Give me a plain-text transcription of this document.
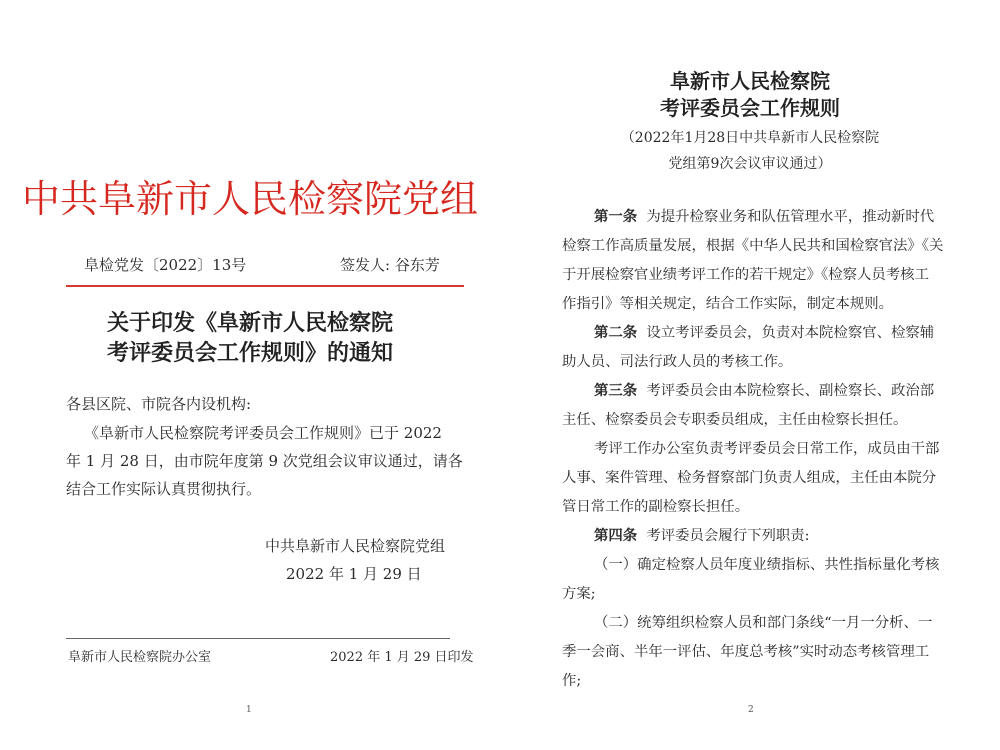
中共阜新市人民检察院党组
阜检党发〔2022〕13号	签发人: 谷东芳
关于印发《阜新市人民检察院
考评委员会工作规则》的通知
各县区院、市院各内设机构:
《阜新市人民检察院考评委员会工作规则》已于 2022
年 1 月 28 日，由市院年度第 9 次党组会议审议通过，请各
结合工作实际认真贯彻执行。
中共阜新市人民检察院党组
2022 年 1 月 29 日
阜新市人民检察院办公室	2022 年 1 月 29 日印发
1
阜新市人民检察院
考评委员会工作规则
（2022年1月28日中共阜新市人民检察院
党组第9次会议审议通过）
第一条 为提升检察业务和队伍管理水平，推动新时代
检察工作高质量发展，根据《中华人民共和国检察官法》《关
于开展检察官业绩考评工作的若干规定》《检察人员考核工
作指引》等相关规定，结合工作实际，制定本规则。
第二条 设立考评委员会，负责对本院检察官、检察辅
助人员、司法行政人员的考核工作。
第三条 考评委员会由本院检察长、副检察长、政治部
主任、检察委员会专职委员组成，主任由检察长担任。
考评工作办公室负责考评委员会日常工作，成员由干部
人事、案件管理、检务督察部门负责人组成，主任由本院分
管日常工作的副检察长担任。
第四条 考评委员会履行下列职责:
（一）确定检察人员年度业绩指标、共性指标量化考核
方案;
（二）统筹组织检察人员和部门条线“一月一分析、一
季一会商、半年一评估、年度总考核”实时动态考核管理工
作;
2
